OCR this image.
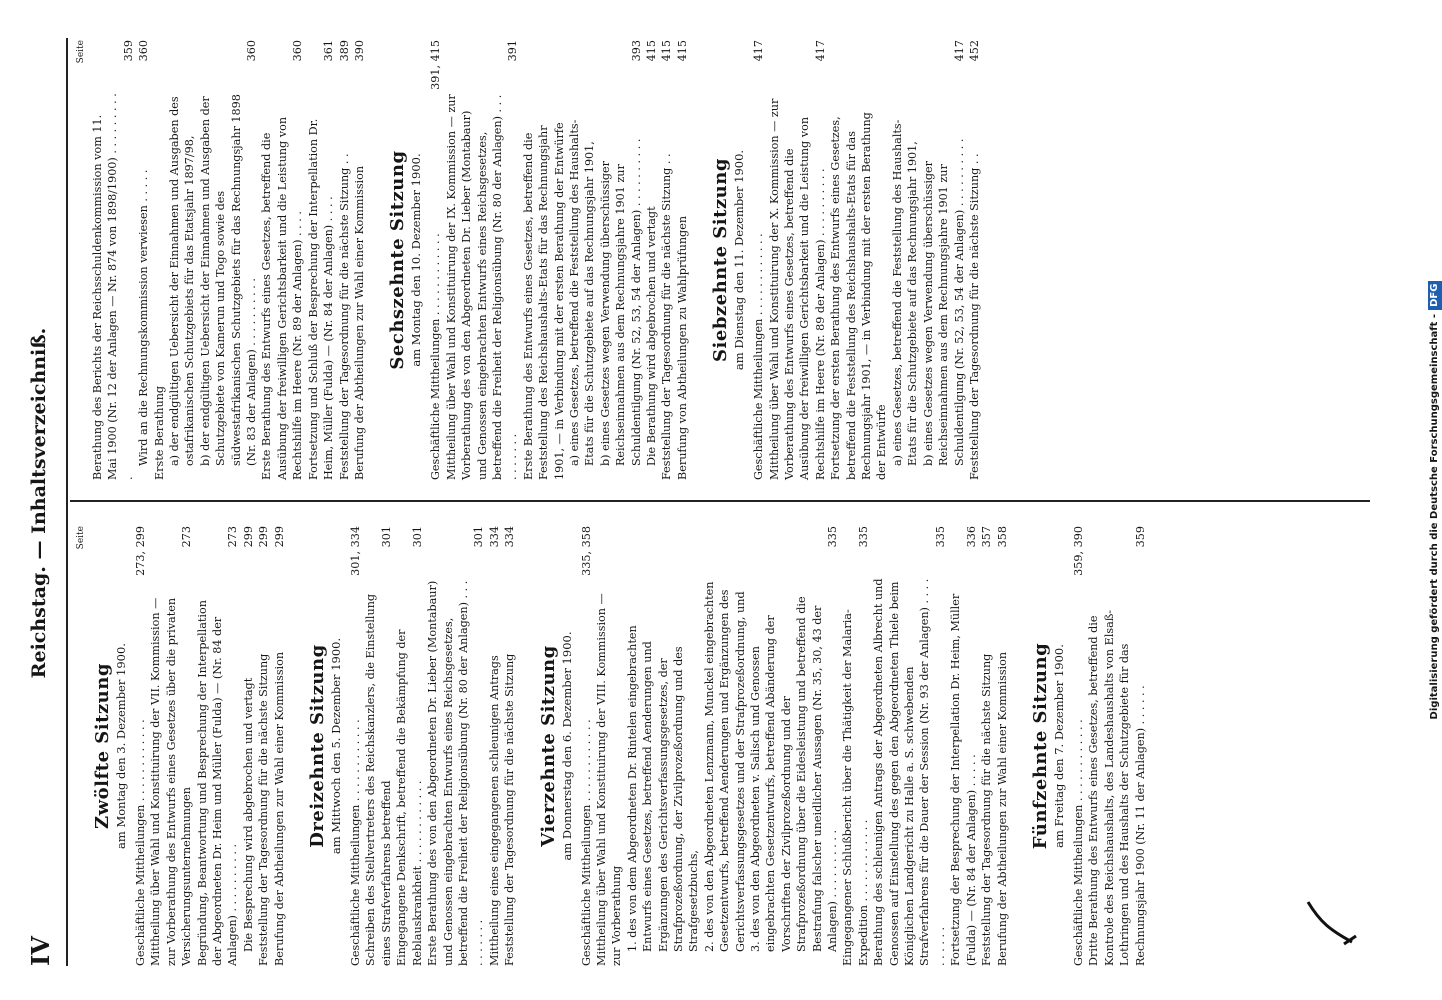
IV
Reichstag. — Inhaltsverzeichniß.	Seite
Zwölfte Sitzung am Montag den 3. Dezember 1900. Geschäftliche Mittheilungen . . . . . . . . . . . .
273, 299
Mittheilung über Wahl und Konstituirung der VII. Kommission — zur Vorberathung des Entwurfs eines Gesetzes über die privaten Versicherungsunternehmungen
273
Begründung, Beantwortung und Besprechung der Interpellation der Abgeordneten Dr. Heim und Müller (Fulda) — (Nr. 84 der Anlagen) . . . . . . . . . .
273
Die Besprechung wird abgebrochen und vertagt
299
Feststellung der Tagesordnung für die nächste Sitzung
299
Berufung der Abtheilungen zur Wahl einer Kommission
299
Dreizehnte Sitzung am Mittwoch den 5. Dezember 1900. Geschäftliche Mittheilungen . . . . . . . . . . . .
301, 334
Schreiben des Stellvertreters des Reichskanzlers, die Einstellung eines Strafverfahrens betreffend
301
Eingegangene Denkschrift, betreffend die Bekämpfung der Reblauskrankheit . . . . . . . . . . . .
301
Erste Berathung des von den Abgeordneten Dr. Lieber (Montabaur) und Genossen eingebrachten Entwurfs eines Reichsgesetzes, betreffend die Freiheit der Religionsübung (Nr. 80 der Anlagen) . . . . . . . . . .
301
Mittheilung eines eingegangenen schleunigen Antrags
334
Feststellung der Tagesordnung für die nächste Sitzung
334
Vierzehnte Sitzung am Donnerstag den 6. Dezember 1900. Geschäftliche Mittheilungen . . . . . . . . . . . .
335, 358
Mittheilung über Wahl und Konstituirung der VIII. Kommission — zur Vorberathung 1. des von dem Abgeordneten Dr. Rintelen eingebrachten Entwurfs eines Gesetzes, betreffend Aenderungen und Ergänzungen des Gerichtsverfassungsgesetzes, der Strafprozeßordnung, der Zivilprozeßordnung und des Strafgesetzbuchs, 2. des von den Abgeordneten Lenzmann, Munckel eingebrachten Gesetzentwurfs, betreffend Aenderungen und Ergänzungen des Gerichtsverfassungsgesetzes und der Strafprozeßordnung, und 3. des von den Abgeordneten v. Salisch und Genossen eingebrachten Gesetzentwurfs, betreffend Abänderung der Vorschriften der Zivilprozeßordnung und der Strafprozeßordnung über die Eidesleistung und betreffend die Bestrafung falscher uneidlicher Aussagen (Nr. 35, 30, 43 der Anlagen) . . . . . . . . . .
335
Eingegangener Schlußbericht über die Thätigkeit der Malaria-Expedition . . . . . . . . . . . .
335
Berathung des schleunigen Antrags der Abgeordneten Albrecht und Genossen auf Einstellung des gegen den Abgeordneten Thiele beim Königlichen Landgericht zu Halle a. S. schwebenden Strafverfahrens für die Dauer der Session (Nr. 93 der Anlagen) . . . . . . . . . .
335
Fortsetzung der Besprechung der Interpellation Dr. Heim, Müller (Fulda) — (Nr. 84 der Anlagen) . . . . .
336
Feststellung der Tagesordnung für die nächste Sitzung
357
Berufung der Abtheilungen zur Wahl einer Kommission
358
Fünfzehnte Sitzung am Freitag den 7. Dezember 1900. Geschäftliche Mittheilungen . . . . . . . . . . . .
359, 390
Dritte Berathung des Entwurfs eines Gesetzes, betreffend die Kontrole des Reichshaushalts, des Landeshaushalts von Elsaß-Lothringen und des Haushalts der Schutzgebiete für das Rechnungsjahr 1900 (Nr. 11 der Anlagen) . . . . . .
359
Seite
Berathung des Berichts der Reichsschuldenkommission vom 11. Mai 1900 (Nr. 12 der Anlagen — Nr. 874 von 1898/1900) . . . . . . . . . .
359
Wird an die Rechnungskommission verwiesen . . . . .
360
Erste Berathung a) der endgültigen Uebersicht der Einnahmen und Ausgaben des ostafrikanischen Schutzgebiets für das Etatsjahr 1897/98, b) der endgültigen Uebersicht der Einnahmen und Ausgaben der Schutzgebiete von Kamerun und Togo sowie des südwestafrikanischen Schutzgebiets für das Rechnungsjahr 1898 (Nr. 83 der Anlagen) . . . . . . . . . .
360
Erste Berathung des Entwurfs eines Gesetzes, betreffend die Ausübung der freiwilligen Gerichtsbarkeit und die Leistung von Rechtshilfe im Heere (Nr. 89 der Anlagen) . . . .
360
Fortsetzung und Schluß der Besprechung der Interpellation Dr. Heim, Müller (Fulda) — (Nr. 84 der Anlagen) . . . .
361
Feststellung der Tagesordnung für die nächste Sitzung . .
389
Berufung der Abtheilungen zur Wahl einer Kommission
390
Sechszehnte Sitzung am Montag den 10. Dezember 1900. Geschäftliche Mittheilungen . . . . . . . . . . . .
391, 415
Mittheilung über Wahl und Konstituirung der IX. Kommission — zur Vorberathung des von den Abgeordneten Dr. Lieber (Montabaur) und Genossen eingebrachten Entwurfs eines Reichsgesetzes, betreffend die Freiheit der Religionsübung (Nr. 80 der Anlagen) . . . . . . . . . .
391
Erste Berathung des Entwurfs eines Gesetzes, betreffend die Feststellung des Reichshaushalts-Etats für das Rechnungsjahr 1901, — in Verbindung mit der ersten Berathung der Entwürfe a) eines Gesetzes, betreffend die Feststellung des Haushalts-Etats für die Schutzgebiete auf das Rechnungsjahr 1901, b) eines Gesetzes wegen Verwendung überschüssiger Reichseinnahmen aus dem Rechnungsjahre 1901 zur Schuldentilgung (Nr. 52, 53, 54 der Anlagen) . . . . . . . . . .
393
Die Berathung wird abgebrochen und vertagt
415
Feststellung der Tagesordnung für die nächste Sitzung . .
415
Berufung von Abtheilungen zu Wahlprüfungen
415
Siebzehnte Sitzung am Dienstag den 11. Dezember 1900. Geschäftliche Mittheilungen . . . . . . . . . . . .
417
Mittheilung über Wahl und Konstituirung der X. Kommission — zur Vorberathung des Entwurfs eines Gesetzes, betreffend die Ausübung der freiwilligen Gerichtsbarkeit und die Leistung von Rechtshilfe im Heere (Nr. 89 der Anlagen) . . . . . . . . . .
417
Fortsetzung der ersten Berathung des Entwurfs eines Gesetzes, betreffend die Feststellung des Reichshaushalts-Etats für das Rechnungsjahr 1901, — in Verbindung mit der ersten Berathung der Entwürfe a) eines Gesetzes, betreffend die Feststellung des Haushalts-Etats für die Schutzgebiete auf das Rechnungsjahr 1901, b) eines Gesetzes wegen Verwendung überschüssiger Reichseinnahmen aus dem Rechnungsjahre 1901 zur Schuldentilgung (Nr. 52, 53, 54 der Anlagen) . . . . . . . . . .
417
Feststellung der Tagesordnung für die nächste Sitzung . .
452
Digitalisierung gefördert durch die Deutsche Forschungsgemeinschaft -DFG
